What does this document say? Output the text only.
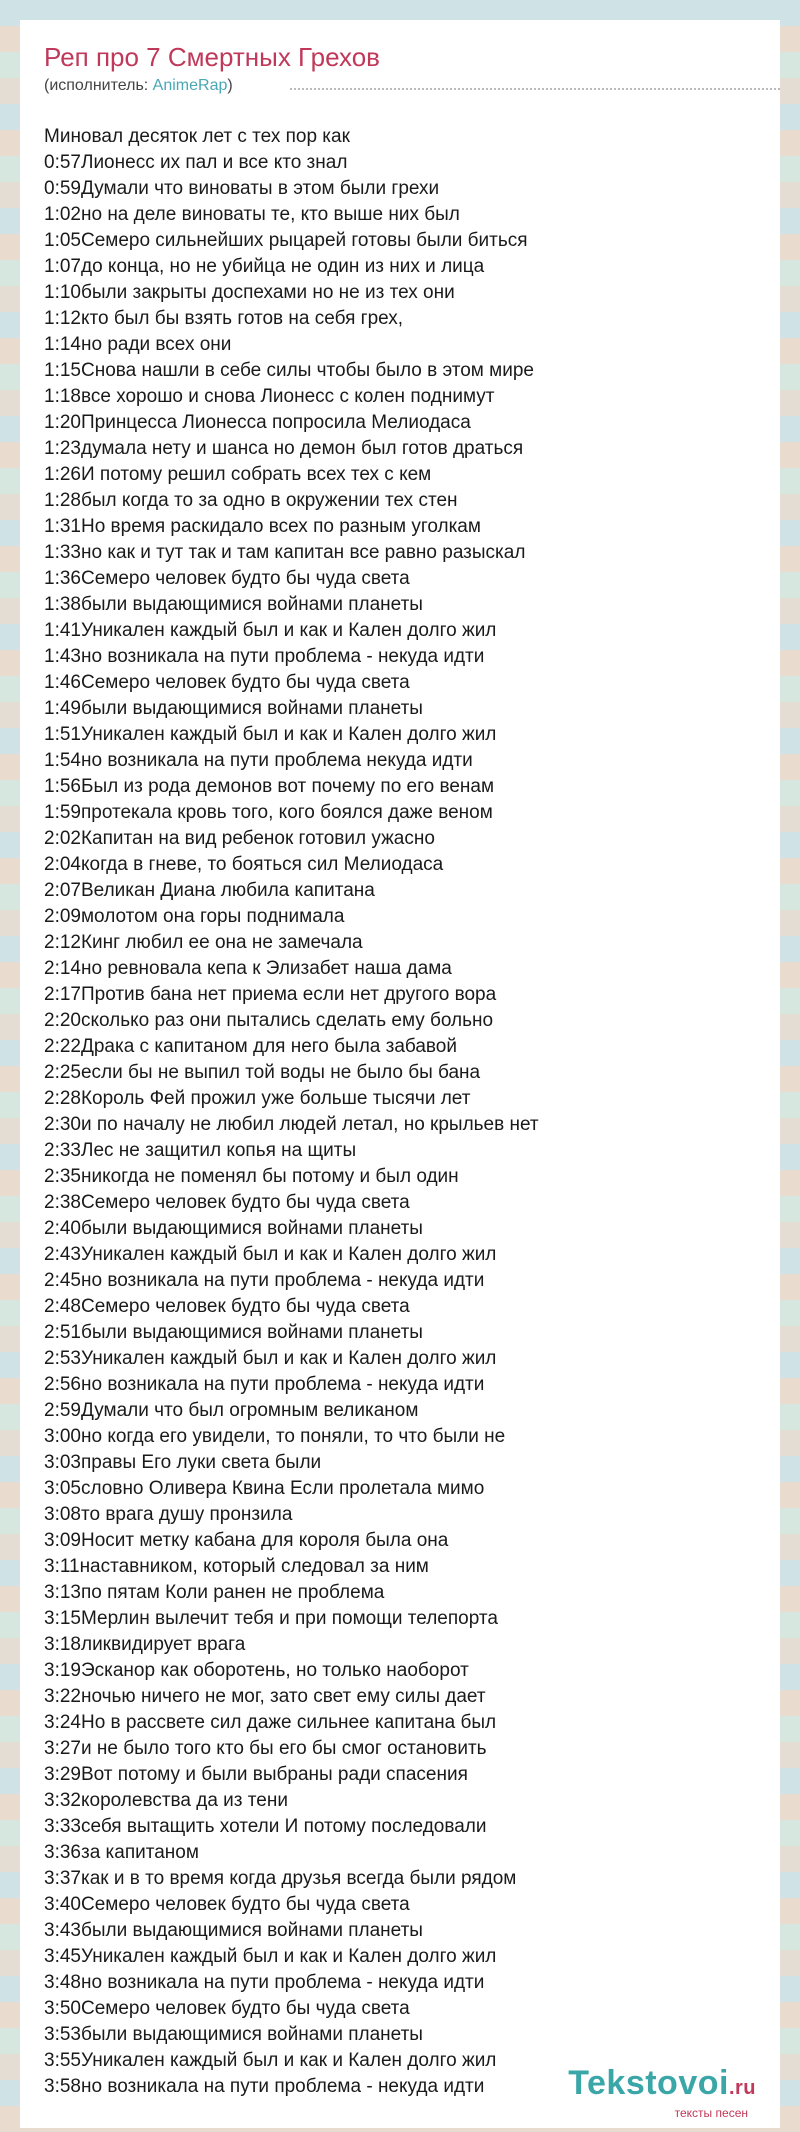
Реп про 7 Смертных Грехов
(исполнитель: AnimeRap)
Миновал десяток лет с тех пор как
0:57Лионесс их пал и все кто знал
0:59Думали что виноваты в этом были грехи
1:02но на деле виноваты те, кто выше них был
1:05Семеро сильнейших рыцарей готовы были биться
1:07до конца, но не убийца не один из них и лица
1:10были закрыты доспехами но не из тех они
1:12кто был бы взять готов на себя грех,
1:14но ради всех они
1:15Снова нашли в себе силы чтобы было в этом мире
1:18все хорошо и снова Лионесс с колен поднимут
1:20Принцесса Лионесса попросила Мелиодаса
1:23думала нету и шанса но демон был готов драться
1:26И потому решил собрать всех тех с кем
1:28был когда то за одно в окружении тех стен
1:31Но время раскидало всех по разным уголкам
1:33но как и тут так и там капитан все равно разыскал
1:36Семеро человек будто бы чуда света
1:38были выдающимися войнами планеты
1:41Уникален каждый был и как и Кален долго жил
1:43но возникала на пути проблема - некуда идти
1:46Семеро человек будто бы чуда света
1:49были выдающимися войнами планеты
1:51Уникален каждый был и как и Кален долго жил
1:54но возникала на пути проблема некуда идти
1:56Был из рода демонов вот почему по его венам
1:59протекала кровь того, кого боялся даже веном
2:02Капитан на вид ребенок готовил ужасно
2:04когда в гневе, то бояться сил Мелиодаса
2:07Великан Диана любила капитана
2:09молотом она горы поднимала
2:12Кинг любил ее она не замечала
2:14но ревновала кепа к Элизабет наша дама
2:17Против бана нет приема если нет другого вора
2:20сколько раз они пытались сделать ему больно
2:22Драка с капитаном для него была забавой
2:25если бы не выпил той воды не было бы бана
2:28Король Фей прожил уже больше тысячи лет
2:30и по началу не любил людей летал, но крыльев нет
2:33Лес не защитил копья на щиты
2:35никогда не поменял бы потому и был один
2:38Семеро человек будто бы чуда света
2:40были выдающимися войнами планеты
2:43Уникален каждый был и как и Кален долго жил
2:45но возникала на пути проблема - некуда идти
2:48Семеро человек будто бы чуда света
2:51были выдающимися войнами планеты
2:53Уникален каждый был и как и Кален долго жил
2:56но возникала на пути проблема - некуда идти
2:59Думали что был огромным великаном
3:00но когда его увидели, то поняли, то что были не
3:03правы Его луки света были
3:05словно Оливера Квина Если пролетала мимо
3:08то врага душу пронзила
3:09Носит метку кабана для короля была она
3:11наставником, который следовал за ним
3:13по пятам Коли ранен не проблема
3:15Мерлин вылечит тебя и при помощи телепорта
3:18ликвидирует врага
3:19Эсканор как оборотень, но только наоборот
3:22ночью ничего не мог, зато свет ему силы дает
3:24Но в рассвете сил даже сильнее капитана был
3:27и не было того кто бы его бы смог остановить
3:29Вот потому и были выбраны ради спасения
3:32королевства да из тени
3:33себя вытащить хотели И потому последовали
3:36за капитаном
3:37как и в то время когда друзья всегда были рядом
3:40Семеро человек будто бы чуда света
3:43были выдающимися войнами планеты
3:45Уникален каждый был и как и Кален долго жил
3:48но возникала на пути проблема - некуда идти
3:50Семеро человек будто бы чуда света
3:53были выдающимися войнами планеты
3:55Уникален каждый был и как и Кален долго жил
3:58но возникала на пути проблема - некуда идти	Tekstovoi.ru
тексты песен
